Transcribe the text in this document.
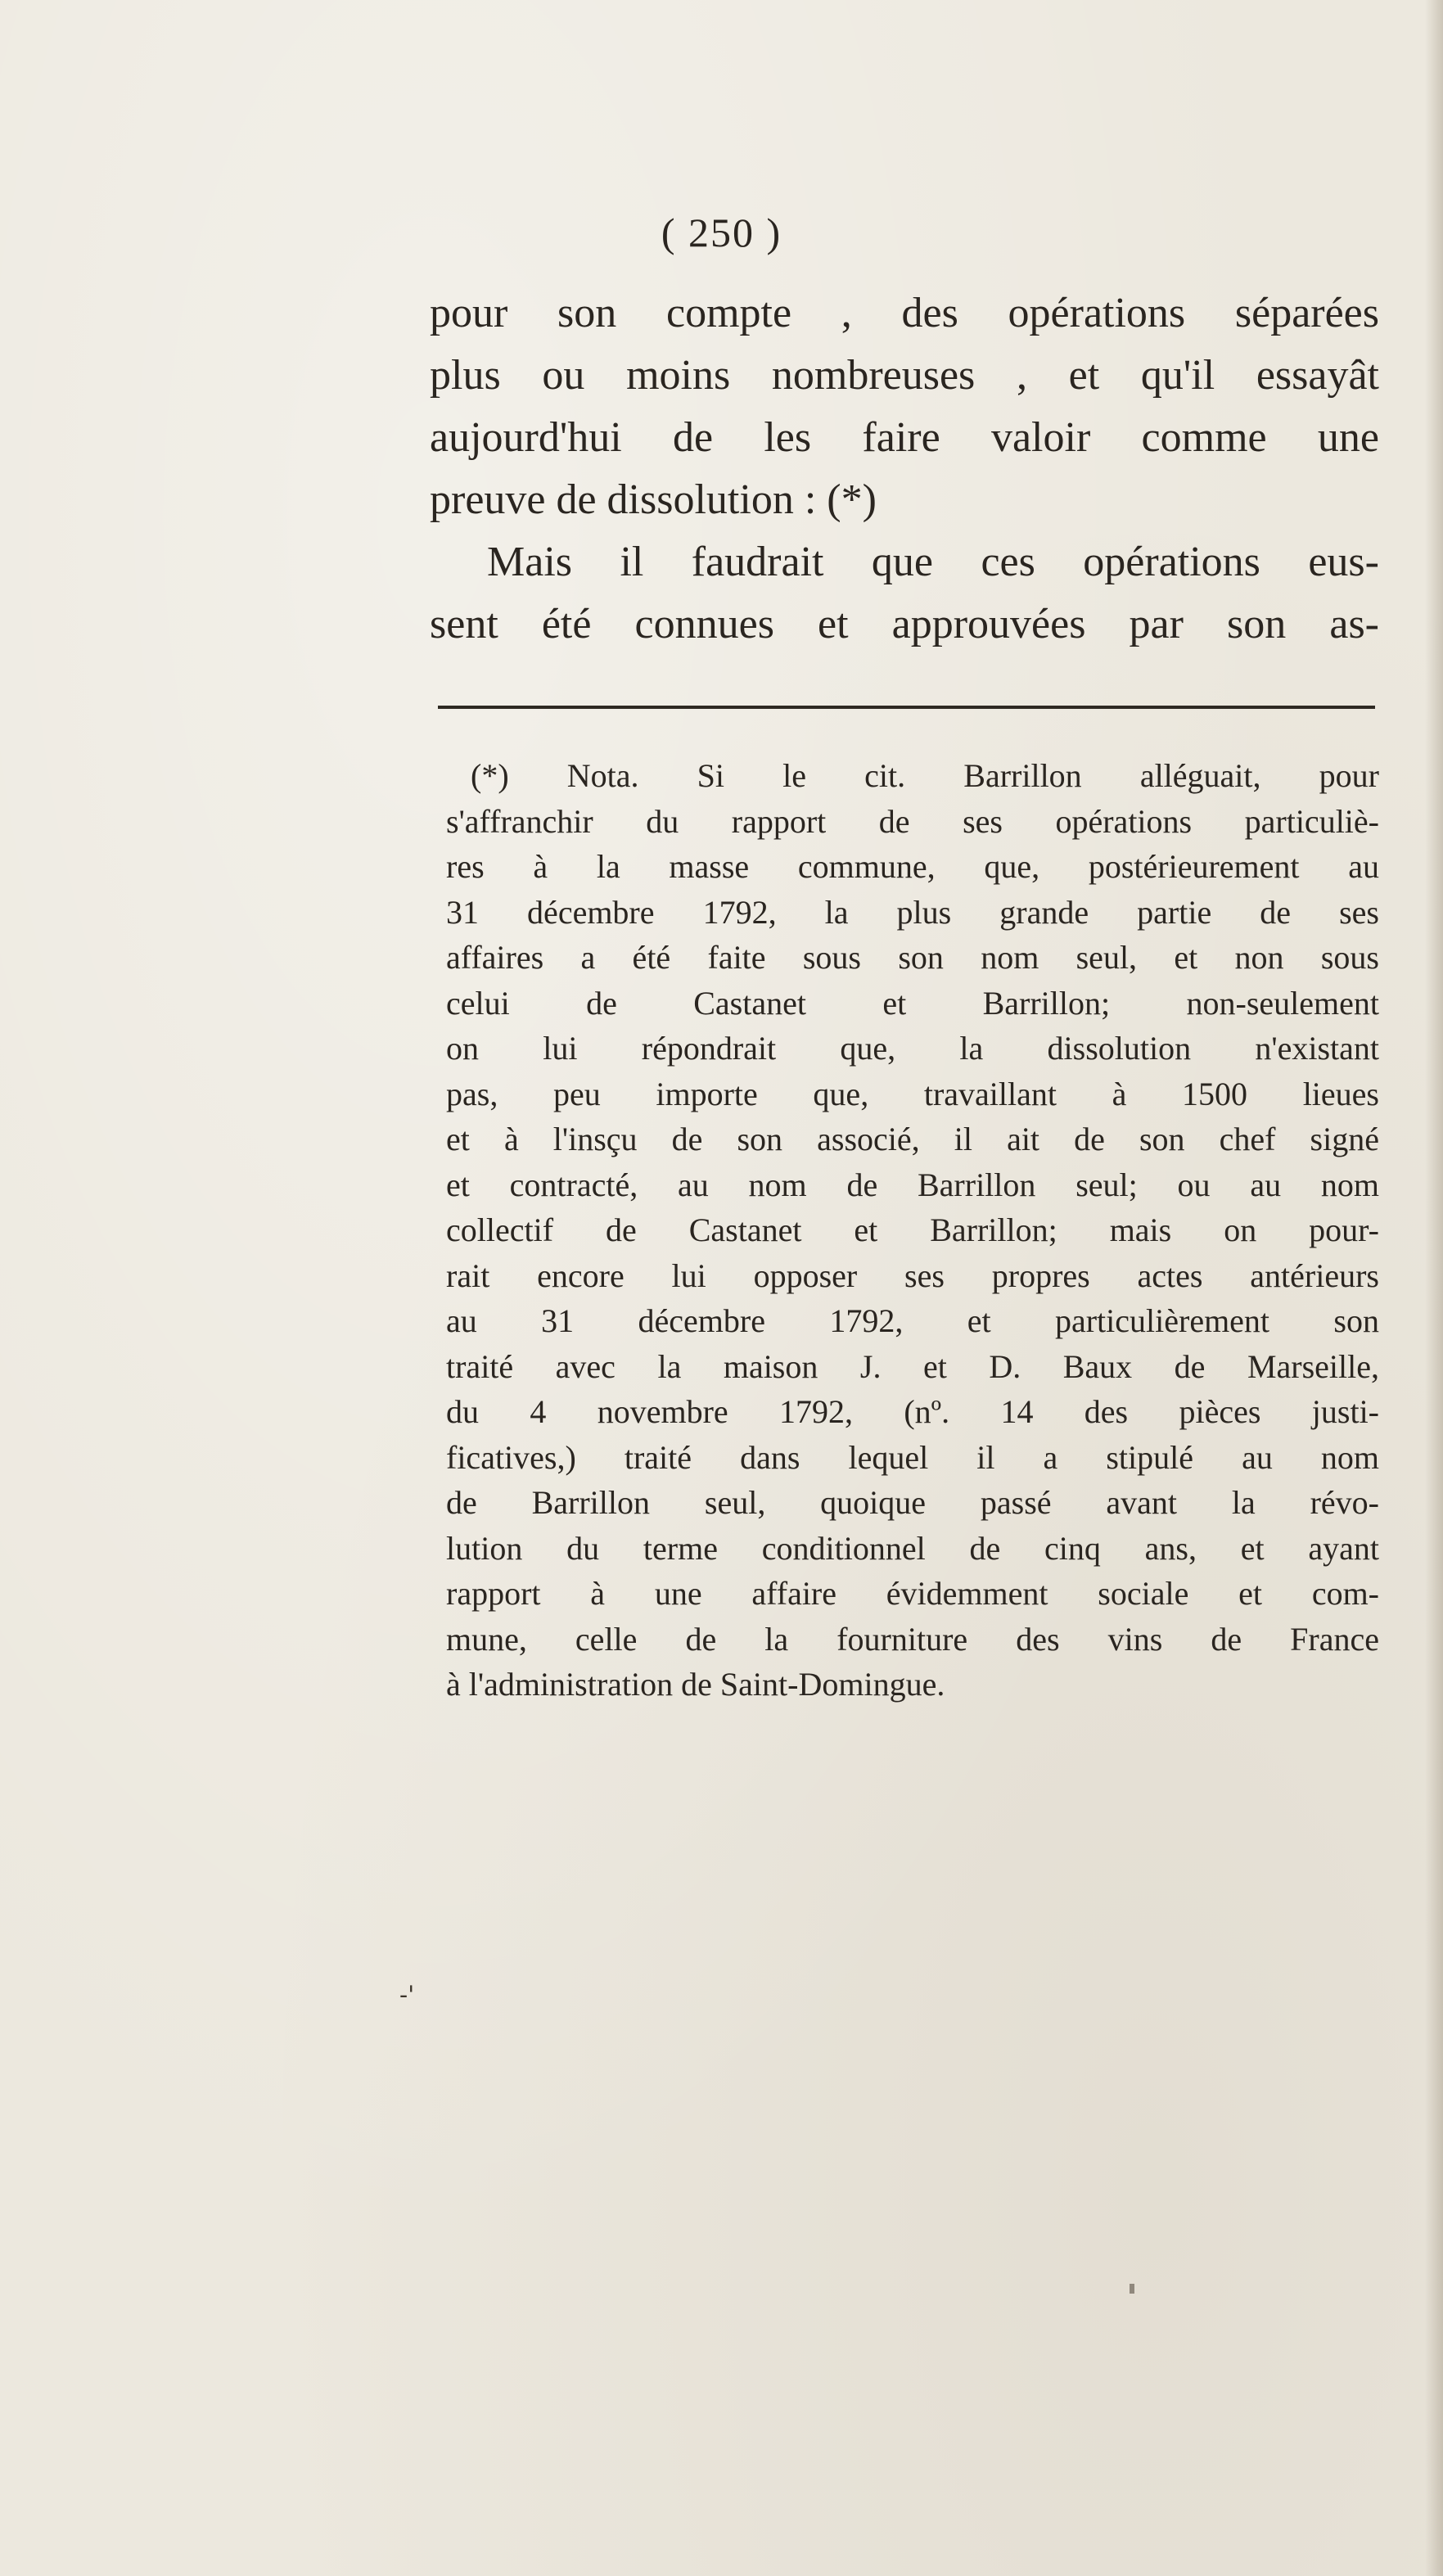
( 250 )
pour son compte , des opérations séparées
plus ou moins nombreuses , et qu'il essayât
aujourd'hui de les faire valoir comme une
preuve de dissolution : (*)
Mais il faudrait que ces opérations eus-
sent été connues et approuvées par son as-
(*) Nota. Si le cit. Barrillon alléguait, pour
s'affranchir du rapport de ses opérations particuliè-
res à la masse commune, que, postérieurement au
31 décembre 1792, la plus grande partie de ses
affaires a été faite sous son nom seul, et non sous
celui de Castanet et Barrillon; non-seulement
on lui répondrait que, la dissolution n'existant
pas, peu importe que, travaillant à 1500 lieues
et à l'insçu de son associé, il ait de son chef signé
et contracté, au nom de Barrillon seul; ou au nom
collectif de Castanet et Barrillon; mais on pour-
rait encore lui opposer ses propres actes antérieurs
au 31 décembre 1792, et particulièrement son
traité avec la maison J. et D. Baux de Marseille,
du 4 novembre 1792, (nº. 14 des pièces justi-
ficatives,) traité dans lequel il a stipulé au nom
de Barrillon seul, quoique passé avant la révo-
lution du terme conditionnel de cinq ans, et ayant
rapport à une affaire évidemment sociale et com-
mune, celle de la fourniture des vins de France
à l'administration de Saint-Domingue.
-'
